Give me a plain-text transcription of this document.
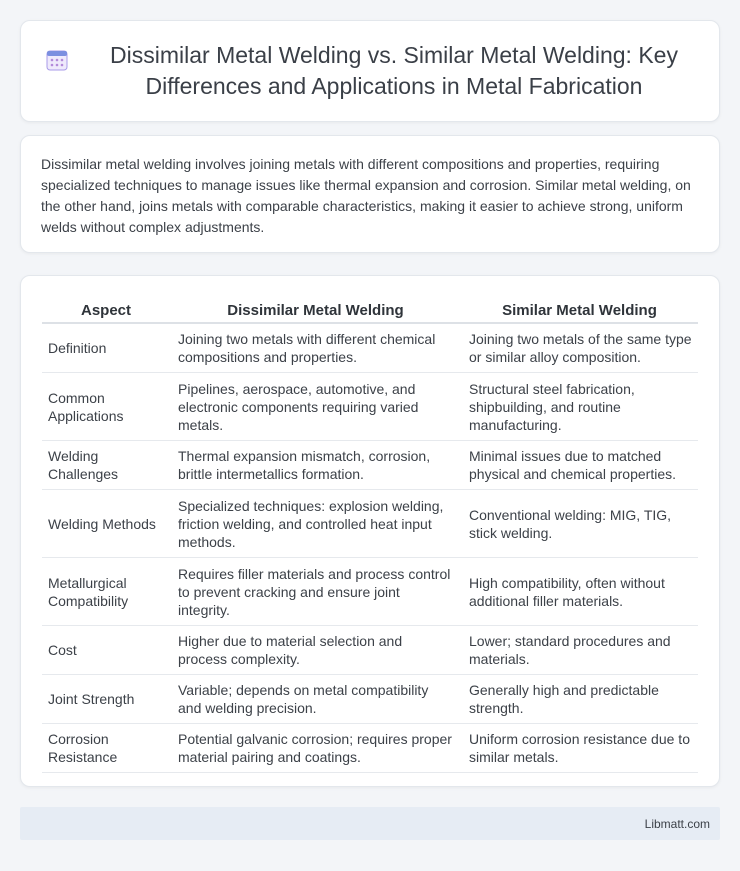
Dissimilar Metal Welding vs. Similar Metal Welding: Key Differences and Applications in Metal Fabrication

Dissimilar metal welding involves joining metals with different compositions and properties, requiring specialized techniques to manage issues like thermal expansion and corrosion. Similar metal welding, on the other hand, joins metals with comparable characteristics, making it easier to achieve strong, uniform welds without complex adjustments.

Aspect	Dissimilar Metal Welding	Similar Metal Welding
Definition	Joining two metals with different chemical compositions and properties.	Joining two metals of the same type or similar alloy composition.
Common Applications	Pipelines, aerospace, automotive, and electronic components requiring varied metals.	Structural steel fabrication, shipbuilding, and routine manufacturing.
Welding Challenges	Thermal expansion mismatch, corrosion, brittle intermetallics formation.	Minimal issues due to matched physical and chemical properties.
Welding Methods	Specialized techniques: explosion welding, friction welding, and controlled heat input methods.	Conventional welding: MIG, TIG, stick welding.
Metallurgical Compatibility	Requires filler materials and process control to prevent cracking and ensure joint integrity.	High compatibility, often without additional filler materials.
Cost	Higher due to material selection and process complexity.	Lower; standard procedures and materials.
Joint Strength	Variable; depends on metal compatibility and welding precision.	Generally high and predictable strength.
Corrosion Resistance	Potential galvanic corrosion; requires proper material pairing and coatings.	Uniform corrosion resistance due to similar metals.
Libmatt.com
